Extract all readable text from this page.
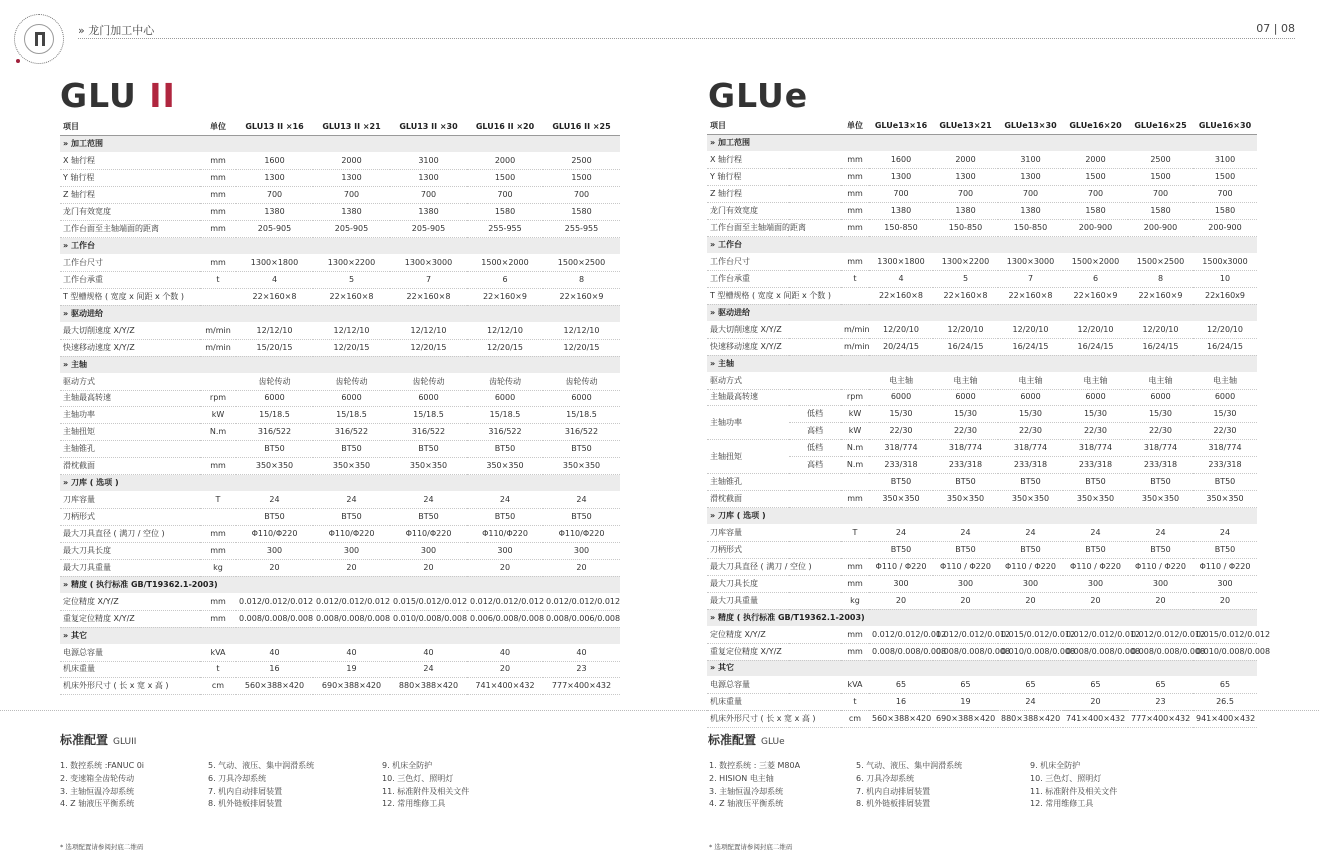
» 龙门加工中心	07 | 08
GLU II	GLUe
项目	单位	GLU13 II ×16	GLU13 II ×21	GLU13 II ×30	GLU16 II ×20	GLU16 II ×25
» 加工范围						
X 轴行程	mm	1600	2000	3100	2000	2500
Y 轴行程	mm	1300	1300	1300	1500	1500
Z 轴行程	mm	700	700	700	700	700
龙门有效宽度	mm	1380	1380	1380	1580	1580
工作台面至主轴端面的距离	mm	205-905	205-905	205-905	255-955	255-955
» 工作台						
工作台尺寸	mm	1300×1800	1300×2200	1300×3000	1500×2000	1500×2500
工作台承重	t	4	5	7	6	8
T 型槽规格 ( 宽度 x 间距 x 个数 )		22×160×8	22×160×8	22×160×8	22×160×9	22×160×9
» 驱动进给						
最大切削速度 X/Y/Z	m/min	12/12/10	12/12/10	12/12/10	12/12/10	12/12/10
快速移动速度 X/Y/Z	m/min	15/20/15	12/20/15	12/20/15	12/20/15	12/20/15
» 主轴						
驱动方式		齿轮传动	齿轮传动	齿轮传动	齿轮传动	齿轮传动
主轴最高转速	rpm	6000	6000	6000	6000	6000
主轴功率	kW	15/18.5	15/18.5	15/18.5	15/18.5	15/18.5
主轴扭矩	N.m	316/522	316/522	316/522	316/522	316/522
主轴锥孔		BT50	BT50	BT50	BT50	BT50
滑枕截面	mm	350×350	350×350	350×350	350×350	350×350
» 刀库 ( 选项 )						
刀库容量	T	24	24	24	24	24
刀柄形式		BT50	BT50	BT50	BT50	BT50
最大刀具直径 ( 满刀 / 空位 )	mm	Φ110/Φ220	Φ110/Φ220	Φ110/Φ220	Φ110/Φ220	Φ110/Φ220
最大刀具长度	mm	300	300	300	300	300
最大刀具重量	kg	20	20	20	20	20
» 精度 ( 执行标准 GB/T19362.1-2003)						
定位精度 X/Y/Z	mm	0.012/0.012/0.012	0.012/0.012/0.012	0.015/0.012/0.012	0.012/0.012/0.012	0.012/0.012/0.012
重复定位精度 X/Y/Z	mm	0.008/0.008/0.008	0.008/0.008/0.008	0.010/0.008/0.008	0.006/0.008/0.008	0.008/0.006/0.008
» 其它						
电源总容量	kVA	40	40	40	40	40
机床重量	t	16	19	24	20	23
机床外形尺寸 ( 长 x 宽 x 高 )	cm	560×388×420	690×388×420	880×388×420	741×400×432	777×400×432
项目		单位	GLUe13×16	GLUe13×21	GLUe13×30	GLUe16×20	GLUe16×25	GLUe16×30
» 加工范围								
X 轴行程		mm	1600	2000	3100	2000	2500	3100
Y 轴行程		mm	1300	1300	1300	1500	1500	1500
Z 轴行程		mm	700	700	700	700	700	700
龙门有效宽度		mm	1380	1380	1380	1580	1580	1580
工作台面至主轴端面的距离		mm	150-850	150-850	150-850	200-900	200-900	200-900
» 工作台								
工作台尺寸		mm	1300×1800	1300×2200	1300×3000	1500×2000	1500×2500	1500x3000
工作台承重		t	4	5	7	6	8	10
T 型槽规格 ( 宽度 x 间距 x 个数 )			22×160×8	22×160×8	22×160×8	22×160×9	22×160×9	22x160x9
» 驱动进给								
最大切削速度 X/Y/Z		m/min	12/20/10	12/20/10	12/20/10	12/20/10	12/20/10	12/20/10
快速移动速度 X/Y/Z		m/min	20/24/15	16/24/15	16/24/15	16/24/15	16/24/15	16/24/15
» 主轴								
驱动方式			电主轴	电主轴	电主轴	电主轴	电主轴	电主轴
主轴最高转速		rpm	6000	6000	6000	6000	6000	6000
主轴功率	低档	kW	15/30	15/30	15/30	15/30	15/30	15/30
	高档	kW	22/30	22/30	22/30	22/30	22/30	22/30
主轴扭矩	低档	N.m	318/774	318/774	318/774	318/774	318/774	318/774
	高档	N.m	233/318	233/318	233/318	233/318	233/318	233/318
主轴锥孔			BT50	BT50	BT50	BT50	BT50	BT50
滑枕截面		mm	350×350	350×350	350×350	350×350	350×350	350×350
» 刀库 ( 选项 )								
刀库容量		T	24	24	24	24	24	24
刀柄形式			BT50	BT50	BT50	BT50	BT50	BT50
最大刀具直径 ( 满刀 / 空位 )		mm	Φ110 / Φ220	Φ110 / Φ220	Φ110 / Φ220	Φ110 / Φ220	Φ110 / Φ220	Φ110 / Φ220
最大刀具长度		mm	300	300	300	300	300	300
最大刀具重量		kg	20	20	20	20	20	20
» 精度 ( 执行标准 GB/T19362.1-2003)								
定位精度 X/Y/Z		mm	0.012/0.012/0.012	0.012/0.012/0.012	0.015/0.012/0.012	0.012/0.012/0.012	0.012/0.012/0.012	0.015/0.012/0.012
重复定位精度 X/Y/Z		mm	0.008/0.008/0.008	0.008/0.008/0.008	0.010/0.008/0.008	0.008/0.008/0.008	0.008/0.008/0.008	0.010/0.008/0.008
» 其它								
电源总容量		kVA	65	65	65	65	65	65
机床重量		t	16	19	24	20	23	26.5
机床外形尺寸 ( 长 x 宽 x 高 )		cm	560×388×420	690×388×420	880×388×420	741×400×432	777×400×432	941×400×432
标准配置 GLUII
1. 数控系统 :FANUC 0i
2. 变速箱全齿轮传动
3. 主轴恒温冷却系统
4. Z 轴液压平衡系统
5. 气动、液压、集中润滑系统
6. 刀具冷却系统
7. 机内自动排屑装置
8. 机外链板排屑装置
9. 机床全防护
10. 三色灯、照明灯
11. 标准附件及相关文件
12. 常用维修工具
* 选项配置请参阅封底二维码
标准配置 GLUe
1. 数控系统 : 三菱 M80A
2. HISION 电主轴
3. 主轴恒温冷却系统
4. Z 轴液压平衡系统
5. 气动、液压、集中润滑系统
6. 刀具冷却系统
7. 机内自动排屑装置
8. 机外链板排屑装置
9. 机床全防护
10. 三色灯、照明灯
11. 标准附件及相关文件
12. 常用维修工具
* 选项配置请参阅封底二维码
